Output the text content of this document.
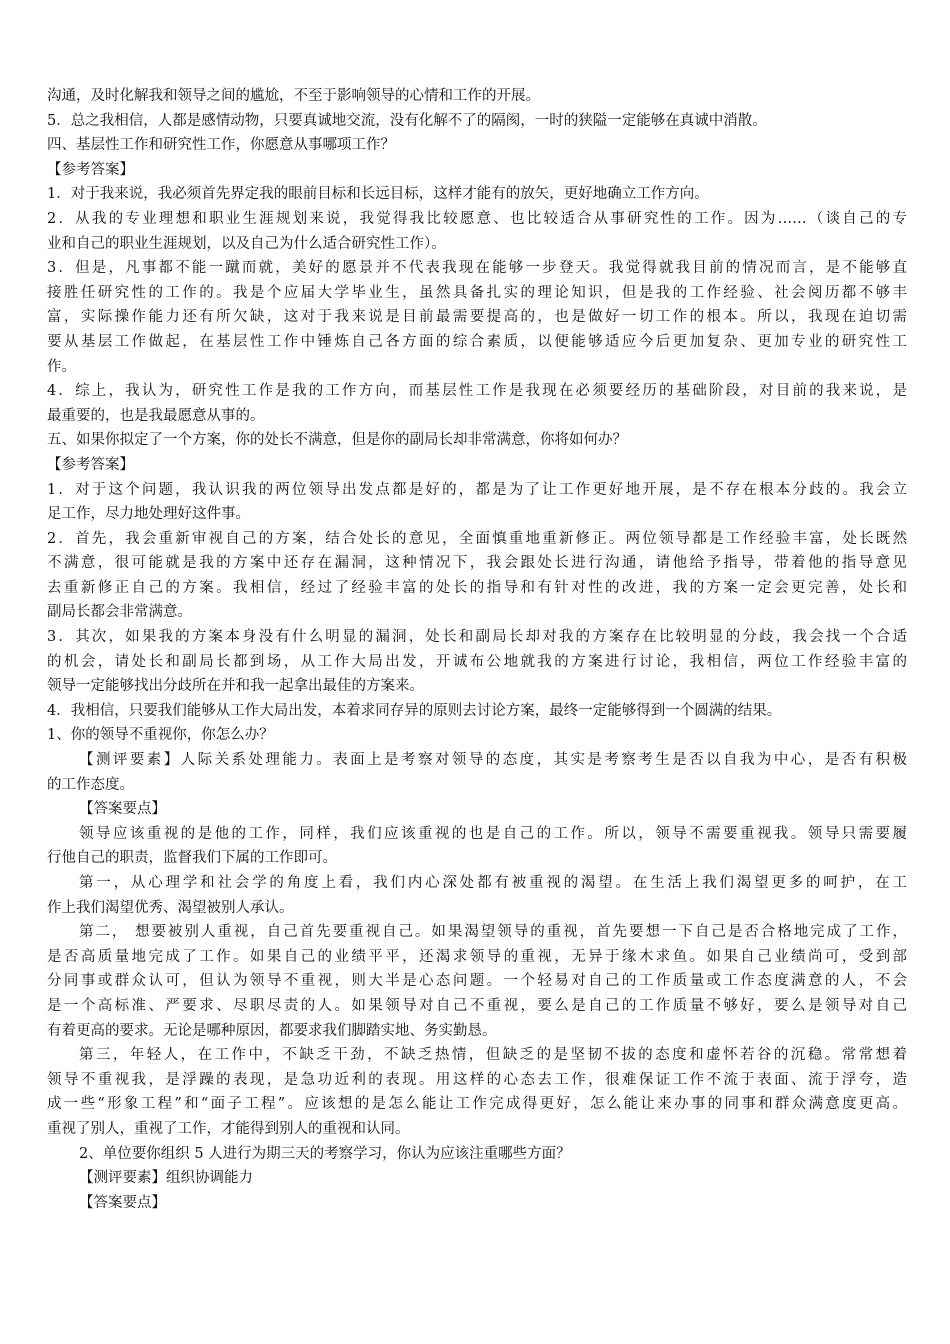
沟通，及时化解我和领导之间的尴尬，不至于影响领导的心情和工作的开展。
5．总之我相信，人都是感情动物，只要真诚地交流，没有化解不了的隔阂，一时的狭隘一定能够在真诚中消散。
四、基层性工作和研究性工作，你愿意从事哪项工作？
【参考答案】
1．对于我来说，我必须首先界定我的眼前目标和长远目标，这样才能有的放矢，更好地确立工作方向。
2．从我的专业理想和职业生涯规划来说，我觉得我比较愿意、也比较适合从事研究性的工作。因为……（谈自己的专
业和自己的职业生涯规划，以及自己为什么适合研究性工作）。
3．但是，凡事都不能一蹴而就，美好的愿景并不代表我现在能够一步登天。我觉得就我目前的情况而言，是不能够直
接胜任研究性的工作的。我是个应届大学毕业生，虽然具备扎实的理论知识，但是我的工作经验、社会阅历都不够丰
富，实际操作能力还有所欠缺，这对于我来说是目前最需要提高的，也是做好一切工作的根本。所以，我现在迫切需
要从基层工作做起，在基层性工作中锤炼自己各方面的综合素质，以便能够适应今后更加复杂、更加专业的研究性工
作。
4．综上，我认为，研究性工作是我的工作方向，而基层性工作是我现在必须要经历的基础阶段，对目前的我来说，是
最重要的，也是我最愿意从事的。
五、如果你拟定了一个方案，你的处长不满意，但是你的副局长却非常满意，你将如何办？
【参考答案】
1．对于这个问题，我认识我的两位领导出发点都是好的，都是为了让工作更好地开展，是不存在根本分歧的。我会立
足工作，尽力地处理好这件事。
2．首先，我会重新审视自己的方案，结合处长的意见，全面慎重地重新修正。两位领导都是工作经验丰富，处长既然
不满意，很可能就是我的方案中还存在漏洞，这种情况下，我会跟处长进行沟通，请他给予指导，带着他的指导意见
去重新修正自己的方案。我相信，经过了经验丰富的处长的指导和有针对性的改进，我的方案一定会更完善，处长和
副局长都会非常满意。
3．其次，如果我的方案本身没有什么明显的漏洞，处长和副局长却对我的方案存在比较明显的分歧，我会找一个合适
的机会，请处长和副局长都到场，从工作大局出发，开诚布公地就我的方案进行讨论，我相信，两位工作经验丰富的
领导一定能够找出分歧所在并和我一起拿出最佳的方案来。
4．我相信，只要我们能够从工作大局出发，本着求同存异的原则去讨论方案，最终一定能够得到一个圆满的结果。
1、你的领导不重视你，你怎么办？
【测评要素】人际关系处理能力。表面上是考察对领导的态度，其实是考察考生是否以自我为中心，是否有积极
的工作态度。
【答案要点】
领导应该重视的是他的工作，同样，我们应该重视的也是自己的工作。所以，领导不需要重视我。领导只需要履
行他自己的职责，监督我们下属的工作即可。
第一，从心理学和社会学的角度上看，我们内心深处都有被重视的渴望。在生活上我们渴望更多的呵护，在工
作上我们渴望优秀、渴望被别人承认。
第二， 想要被别人重视，自己首先要重视自己。如果渴望领导的重视，首先要想一下自己是否合格地完成了工作，
是否高质量地完成了工作。如果自己的业绩平平，还渴求领导的重视，无异于缘木求鱼。如果自己业绩尚可，受到部
分同事或群众认可，但认为领导不重视，则大半是心态问题。一个轻易对自己的工作质量或工作态度满意的人，不会
是一个高标准、严要求、尽职尽责的人。如果领导对自己不重视，要么是自己的工作质量不够好，要么是领导对自己
有着更高的要求。无论是哪种原因，都要求我们脚踏实地、务实勤恳。
第三，年轻人，在工作中，不缺乏干劲，不缺乏热情，但缺乏的是坚韧不拔的态度和虚怀若谷的沉稳。常常想着
领导不重视我，是浮躁的表现，是急功近利的表现。用这样的心态去工作，很难保证工作不流于表面、流于浮夸，造
成一些“形象工程”和“面子工程”。应该想的是怎么能让工作完成得更好，怎么能让来办事的同事和群众满意度更高。
重视了别人，重视了工作，才能得到别人的重视和认同。
2、单位要你组织 5 人进行为期三天的考察学习，你认为应该注重哪些方面？
【测评要素】组织协调能力
【答案要点】
